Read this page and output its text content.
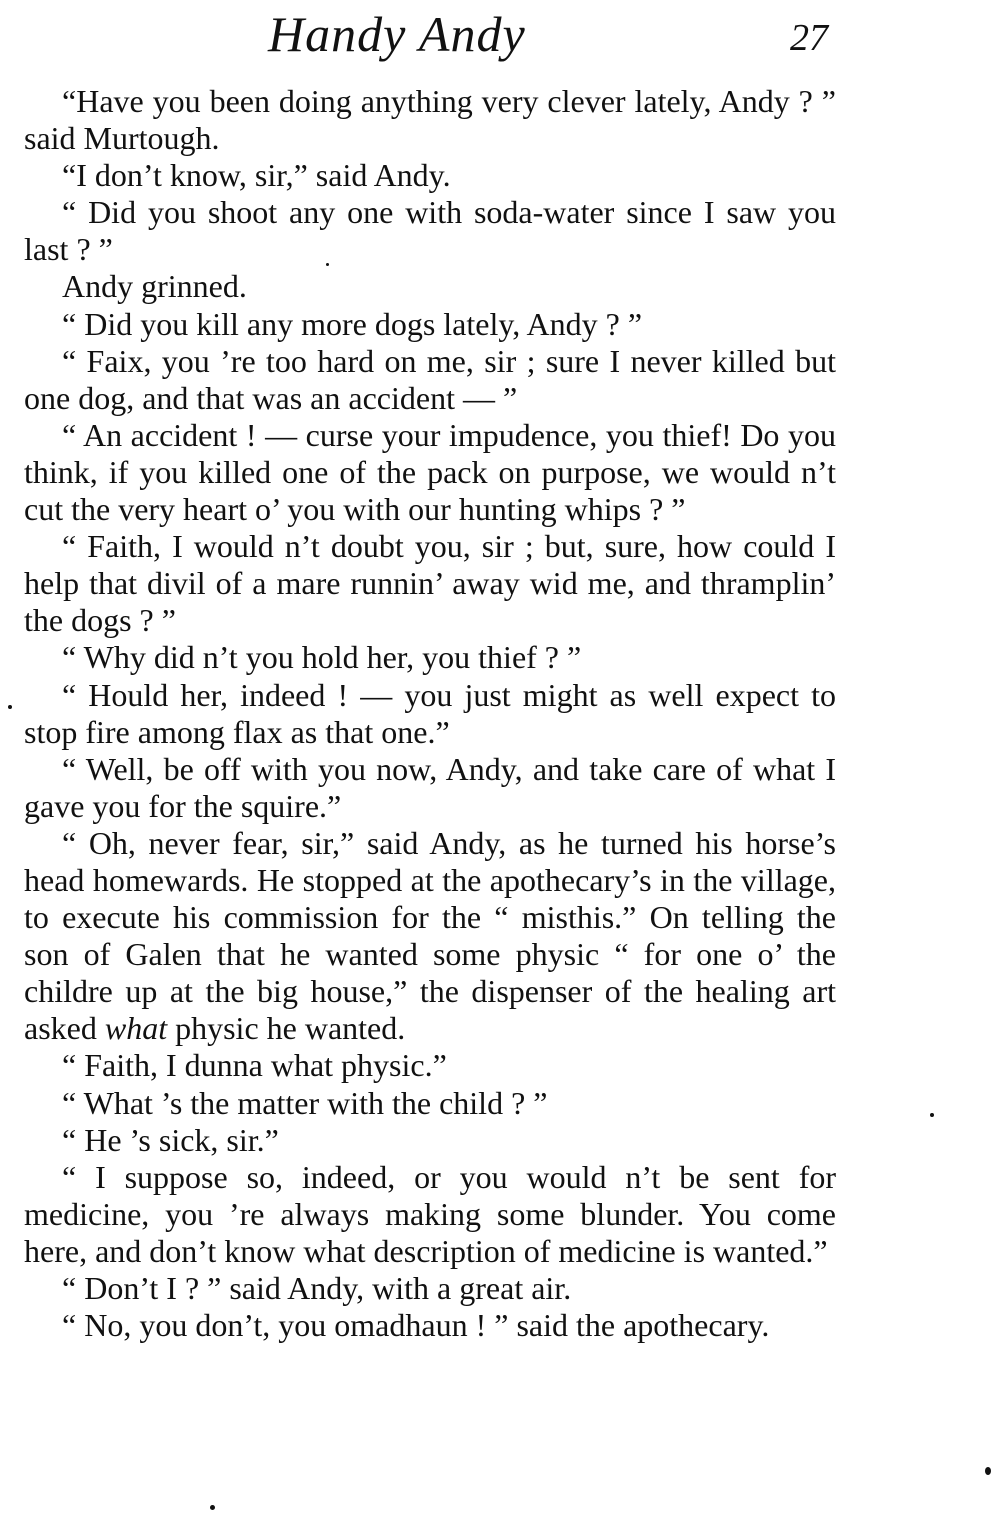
Handy Andy	27

“Have you been doing anything very clever lately, Andy ? ” said Murtough.

“I don’t know, sir,” said Andy.

“ Did you shoot any one with soda-water since I saw you last ? ”

Andy grinned.

“ Did you kill any more dogs lately, Andy ? ”

“ Faix, you ’re too hard on me, sir ; sure I never killed but one dog, and that was an accident — ”

“ An accident ! — curse your impudence, you thief! Do you think, if you killed one of the pack on purpose, we would n’t cut the very heart o’ you with our hunting whips ? ”

“ Faith, I would n’t doubt you, sir ; but, sure, how could I help that divil of a mare runnin’ away wid me, and thramplin’ the dogs ? ”

“ Why did n’t you hold her, you thief ? ”

“ Hould her, indeed ! — you just might as well expect to stop fire among flax as that one.”

“ Well, be off with you now, Andy, and take care of what I gave you for the squire.”

“ Oh, never fear, sir,” said Andy, as he turned his horse’s head homewards. He stopped at the apothecary’s in the village, to execute his commission for the “ misthis.” On telling the son of Galen that he wanted some physic “ for one o’ the childre up at the big house,” the dispenser of the healing art asked what physic he wanted.

“ Faith, I dunna what physic.”

“ What ’s the matter with the child ? ”

“ He ’s sick, sir.”

“ I suppose so, indeed, or you would n’t be sent for medicine, you ’re always making some blunder. You come here, and don’t know what description of medicine is wanted.”

“ Don’t I ? ” said Andy, with a great air.

“ No, you don’t, you omadhaun ! ” said the apothecary.
